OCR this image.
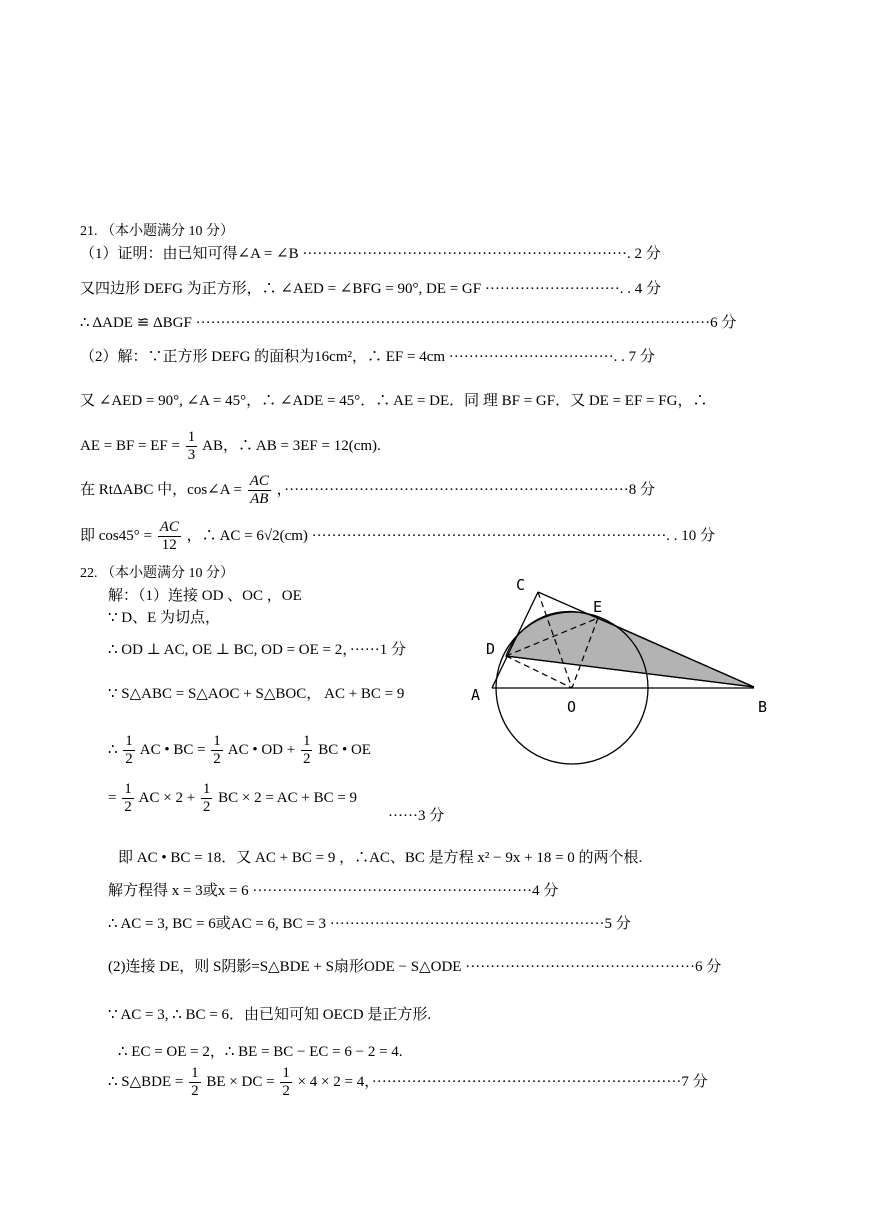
21. （本小题满分 10 分）
（1）证明：由已知可得∠A = ∠B ·································································. 2 分
又四边形 DEFG 为正方形，∴ ∠AED = ∠BFG = 90°, DE = GF ···························. . 4 分
∴ ΔADE ≌ ΔBGF ·······································································································6 分
（2）解：∵正方形 DEFG 的面积为16cm²，∴ EF = 4cm ·································. . 7 分
又 ∠AED = 90°, ∠A = 45°，∴ ∠ADE = 45°．∴ AE = DE．同 理 BF = GF．又 DE = EF = FG，∴
AE = BF = EF = $\frac{1}{3}$ AB，∴ AB = 3EF = 12(cm).
在 RtΔABC 中，cos∠A = $\frac{AC}{AB}$ ，·····································································8 分
即 $\cos 45^\circ = \frac{AC}{12}$ ，∴ AC = 6√2(cm) ·······································································. . 10 分
22. （本小题满分 10 分）
解：（1）连接 OD 、OC ，OE
∵ D、E 为切点，
∴ OD ⊥ AC, OE ⊥ BC, OD = OE = 2，······1 分
∵ S△ABC = S△AOC + S△BOC， AC + BC = 9
∴ $\frac{1}{2}$ AC • BC = $\frac{1}{2}$ AC • OD + $\frac{1}{2}$ BC • OE
= $\frac{1}{2}$ AC × $2 + \frac{1}{2}$ BC × 2 = AC + BC = 9
······3 分
即 AC • BC = 18．又 AC + BC = 9 ，∴AC、BC 是方程 x² − 9x + 18 = 0 的两个根.
解方程得 x = 3或x = 6 ························································4 分
∴ AC = 3, BC = 6或AC = 6, BC = 3 ·······················································5 分
(2)连接 DE，则 S阴影=S△BDE + S扇形ODE − S△ODE ··············································6 分
∵ AC = 3, ∴ BC = 6．由已知可知 OECD 是正方形.
∴ EC = OE = 2，∴ BE = BC − EC = 6 − 2 = 4.
∴ S△BDE = $\frac{1}{2}$ BE × DC = $\frac{1}{2} \times 4 \times 2 = 4$，······························································7 分
C
E
D
A
O	B
